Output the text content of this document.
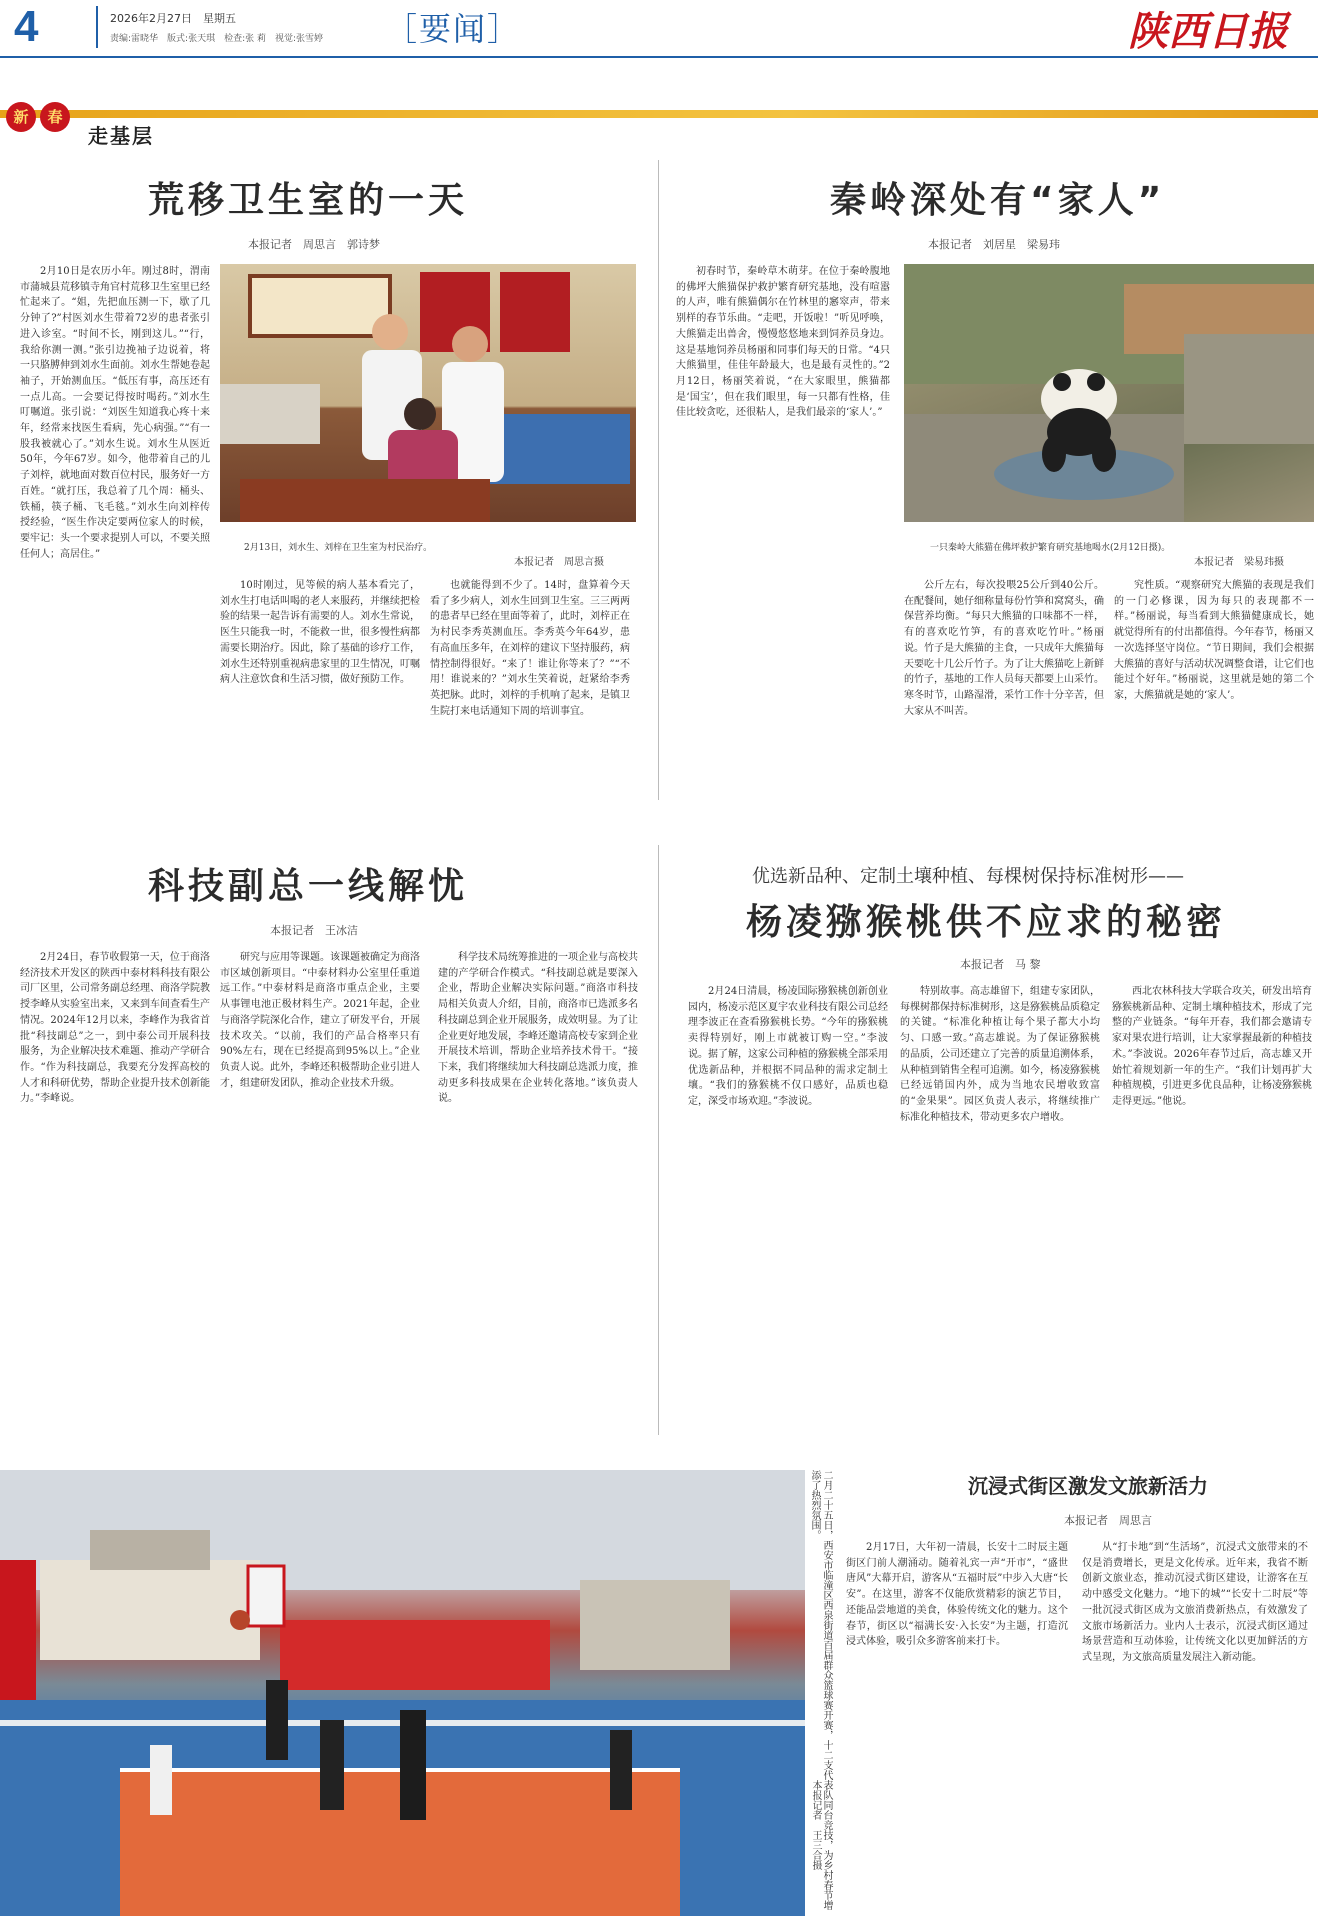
4	2026年2月27日　星期五
责编:雷晓华　版式:张天琪　检查:张 莉　视觉:张雪婷 ［要闻］	陕西日报
新	春
走基层
荒移卫生室的一天
本报记者　周思言　郭诗梦

2月10日是农历小年。刚过8时，渭南市蒲城县荒移镇寺角官村荒移卫生室里已经忙起来了。“姐，先把血压测一下，歇了几分钟了?”村医刘水生带着72岁的患者张引进入诊室。“时间不长，刚到这儿。”“行，我给你测一测。”张引边挽袖子边说着，将一只胳膊伸到刘水生面前。刘水生帮她卷起袖子，开始测血压。“低压有事，高压还有一点儿高。一会要记得按时喝药。”刘水生叮嘱道。张引说：“刘医生知道我心疼十来年，经常来找医生看病，先心病强。”“有一股我被就心了。”刘水生说。刘水生从医近50年，今年67岁。如今，他带着自己的儿子刘梓，就地面对数百位村民，服务好一方百姓。“就打压，我总着了几个周：桶头、铁桶，筷子桶、飞毛毯。”刘水生向刘梓传授经验，“医生作决定要两位家人的时候，要牢记：头一个要求提别人可以，不要关照任何人；高居住。”

2月13日，刘水生、刘梓在卫生室为村民治疗。
本报记者　周思言摄

10时刚过，见等候的病人基本看完了，刘水生打电话叫喝的老人来服药，并继续把检验的结果一起告诉有需要的人。刘水生常说，医生只能我一时，不能救一世，很多慢性病都需要长期治疗。因此，除了基础的诊疗工作，刘水生还特别重视病患家里的卫生情况，叮嘱病人注意饮食和生活习惯，做好预防工作。

也就能得到不少了。14时，盘算着今天看了多少病人，刘水生回到卫生室。三三两两的患者早已经在里面等着了，此时，刘梓正在为村民李秀英测血压。李秀英今年64岁，患有高血压多年，在刘梓的建议下坚持服药，病情控制得很好。“来了！谁让你等来了？”“不用！谁说来的？”刘水生笑着说，赶紧给李秀英把脉。此时，刘梓的手机响了起来，是镇卫生院打来电话通知下周的培训事宜。

秦岭深处有“家人”
本报记者　刘居星　梁易玮

初春时节，秦岭草木萌芽。在位于秦岭腹地的佛坪大熊猫保护救护繁育研究基地，没有喧嚣的人声，唯有熊猫偶尔在竹林里的窸窣声，带来别样的春节乐曲。“走吧，开饭啦！”听见呼唤，大熊猫走出兽舍，慢慢悠悠地来到饲养员身边。这是基地饲养员杨丽和同事们每天的日常。“4只大熊猫里，佳佳年龄最大，也是最有灵性的。”2月12日，杨丽笑着说，“在大家眼里，熊猫都是‘国宝’，但在我们眼里，每一只都有性格，佳佳比较贪吃，还很粘人，是我们最亲的‘家人’。”

一只秦岭大熊猫在佛坪救护繁育研究基地喝水(2月12日摄)。
本报记者　梁易玮摄

公斤左右，每次投喂25公斤到40公斤。在配餐间，她仔细称量每份竹笋和窝窝头，确保营养均衡。“每只大熊猫的口味都不一样，有的喜欢吃竹笋，有的喜欢吃竹叶。”杨丽说。竹子是大熊猫的主食，一只成年大熊猫每天要吃十几公斤竹子。为了让大熊猫吃上新鲜的竹子，基地的工作人员每天都要上山采竹。寒冬时节，山路湿滑，采竹工作十分辛苦，但大家从不叫苦。

究性质。“观察研究大熊猫的表现是我们的一门必修课，因为每只的表现都不一样。”杨丽说，每当看到大熊猫健康成长，她就觉得所有的付出都值得。今年春节，杨丽又一次选择坚守岗位。“节日期间，我们会根据大熊猫的喜好与活动状况调整食谱，让它们也能过个好年。”杨丽说，这里就是她的第二个家，大熊猫就是她的‘家人’。

科技副总一线解忧
本报记者　王冰洁

2月24日，春节收假第一天，位于商洛经济技术开发区的陕西中泰材料科技有限公司厂区里，公司常务副总经理、商洛学院教授李峰从实验室出来，又来到车间查看生产情况。2024年12月以来，李峰作为我省首批“科技副总”之一，到中泰公司开展科技服务，为企业解决技术难题、推动产学研合作。“作为科技副总，我要充分发挥高校的人才和科研优势，帮助企业提升技术创新能力。”李峰说。

研究与应用等课题。该课题被确定为商洛市区域创新项目。“中泰材料办公室里任重道远工作。”中泰材料是商洛市重点企业，主要从事锂电池正极材料生产。2021年起，企业与商洛学院深化合作，建立了研发平台，开展技术攻关。“以前，我们的产品合格率只有90%左右，现在已经提高到95%以上。”企业负责人说。此外，李峰还积极帮助企业引进人才，组建研发团队，推动企业技术升级。

科学技术局统筹推进的一项企业与高校共建的产学研合作模式。“科技副总就是要深入企业，帮助企业解决实际问题。”商洛市科技局相关负责人介绍，目前，商洛市已选派多名科技副总到企业开展服务，成效明显。为了让企业更好地发展，李峰还邀请高校专家到企业开展技术培训，帮助企业培养技术骨干。“接下来，我们将继续加大科技副总选派力度，推动更多科技成果在企业转化落地。”该负责人说。

优选新品种、定制土壤种植、每棵树保持标准树形——
杨凌猕猴桃供不应求的秘密
本报记者　马 黎

2月24日清晨，杨凌国际猕猴桃创新创业园内，杨凌示范区夏宇农业科技有限公司总经理李波正在查看猕猴桃长势。“今年的猕猴桃卖得特别好，刚上市就被订购一空。”李波说。据了解，这家公司种植的猕猴桃全部采用优选新品种，并根据不同品种的需求定制土壤。“我们的猕猴桃不仅口感好，品质也稳定，深受市场欢迎。”李波说。

特别故事。高志雄留下，组建专家团队，每棵树都保持标准树形，这是猕猴桃品质稳定的关键。“标准化种植让每个果子都大小均匀、口感一致。”高志雄说。为了保证猕猴桃的品质，公司还建立了完善的质量追溯体系，从种植到销售全程可追溯。如今，杨凌猕猴桃已经远销国内外，成为当地农民增收致富的“金果果”。园区负责人表示，将继续推广标准化种植技术，带动更多农户增收。

西北农林科技大学联合攻关，研发出培育猕猴桃新品种、定制土壤种植技术，形成了完整的产业链条。“每年开春，我们都会邀请专家对果农进行培训，让大家掌握最新的种植技术。”李波说。2026年春节过后，高志雄又开始忙着规划新一年的生产。“我们计划再扩大种植规模，引进更多优良品种，让杨凌猕猴桃走得更远。”他说。

二月二十五日，西安市临潼区西泉街道百届群众篮球赛开赛，十二支代表队同台竞技，为乡村春节增添了热烈氛围。
本报记者　王三合摄
沉浸式街区激发文旅新活力
本报记者　周思言

2月17日，大年初一清晨，长安十二时辰主题街区门前人潮涌动。随着礼宾一声“开市”，“盛世唐风”大幕开启，游客从“五福时辰”中步入大唐“长安”。在这里，游客不仅能欣赏精彩的演艺节目，还能品尝地道的美食，体验传统文化的魅力。这个春节，街区以“福满长安·入长安”为主题，打造沉浸式体验，吸引众多游客前来打卡。

从“打卡地”到“生活场”，沉浸式文旅带来的不仅是消费增长，更是文化传承。近年来，我省不断创新文旅业态，推动沉浸式街区建设，让游客在互动中感受文化魅力。“地下的城”“长安十二时辰”等一批沉浸式街区成为文旅消费新热点，有效激发了文旅市场新活力。业内人士表示，沉浸式街区通过场景营造和互动体验，让传统文化以更加鲜活的方式呈现，为文旅高质量发展注入新动能。
